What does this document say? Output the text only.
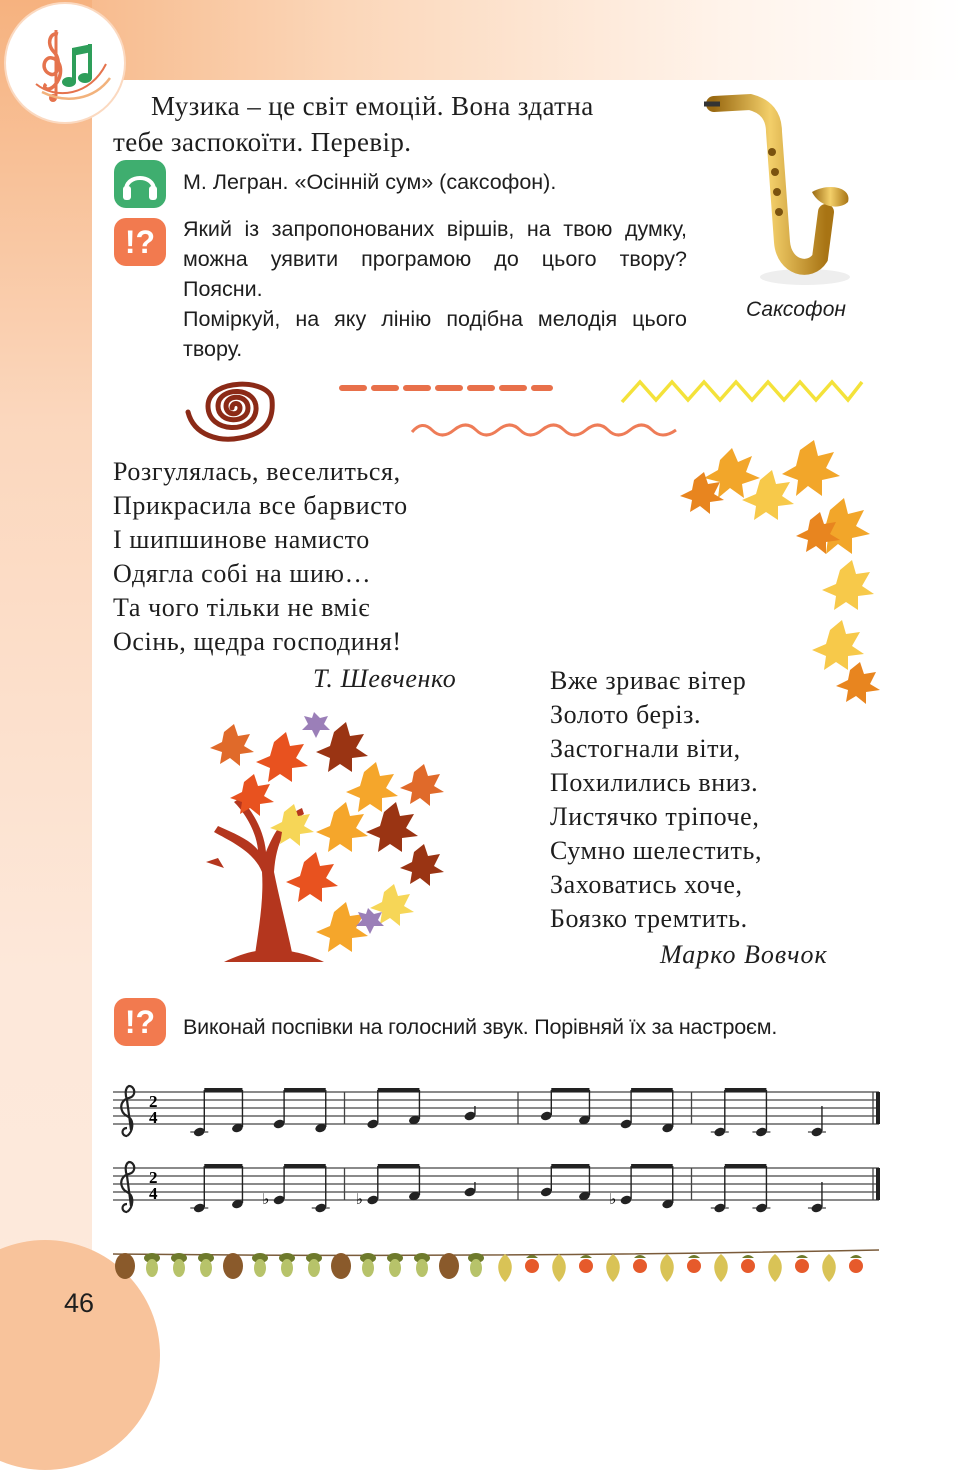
Музика – це світ емоцій. Вона здатна
тебе заспокоїти. Перевір.
М. Легран. «Осінній сум» (саксофон).
!?	Який із запропонованих віршів, на твою думку, можна уявити програмою до цього твору? Поясни.

Поміркуй, на яку лінію подібна мелодія цього твору.

Саксофон
Розгулялась, веселиться,
Прикрасила все барвисто
І шипшинове намисто
Одягла собі на шию…
Та чого тільки не вміє
Осінь, щедра господиня!
Т. Шевченко	Вже зриває вітер
Золото беріз.
Застогнали віти,
Похилились вниз.
Листячко тріпоче,
Сумно шелестить,
Заховатись хоче,
Боязко тремтить.
Марко Вовчок
!?	Виконай поспівки на голосний звук. Порівняй їх за настроєм.
2
4
2
4	♭	♭	♭
46
